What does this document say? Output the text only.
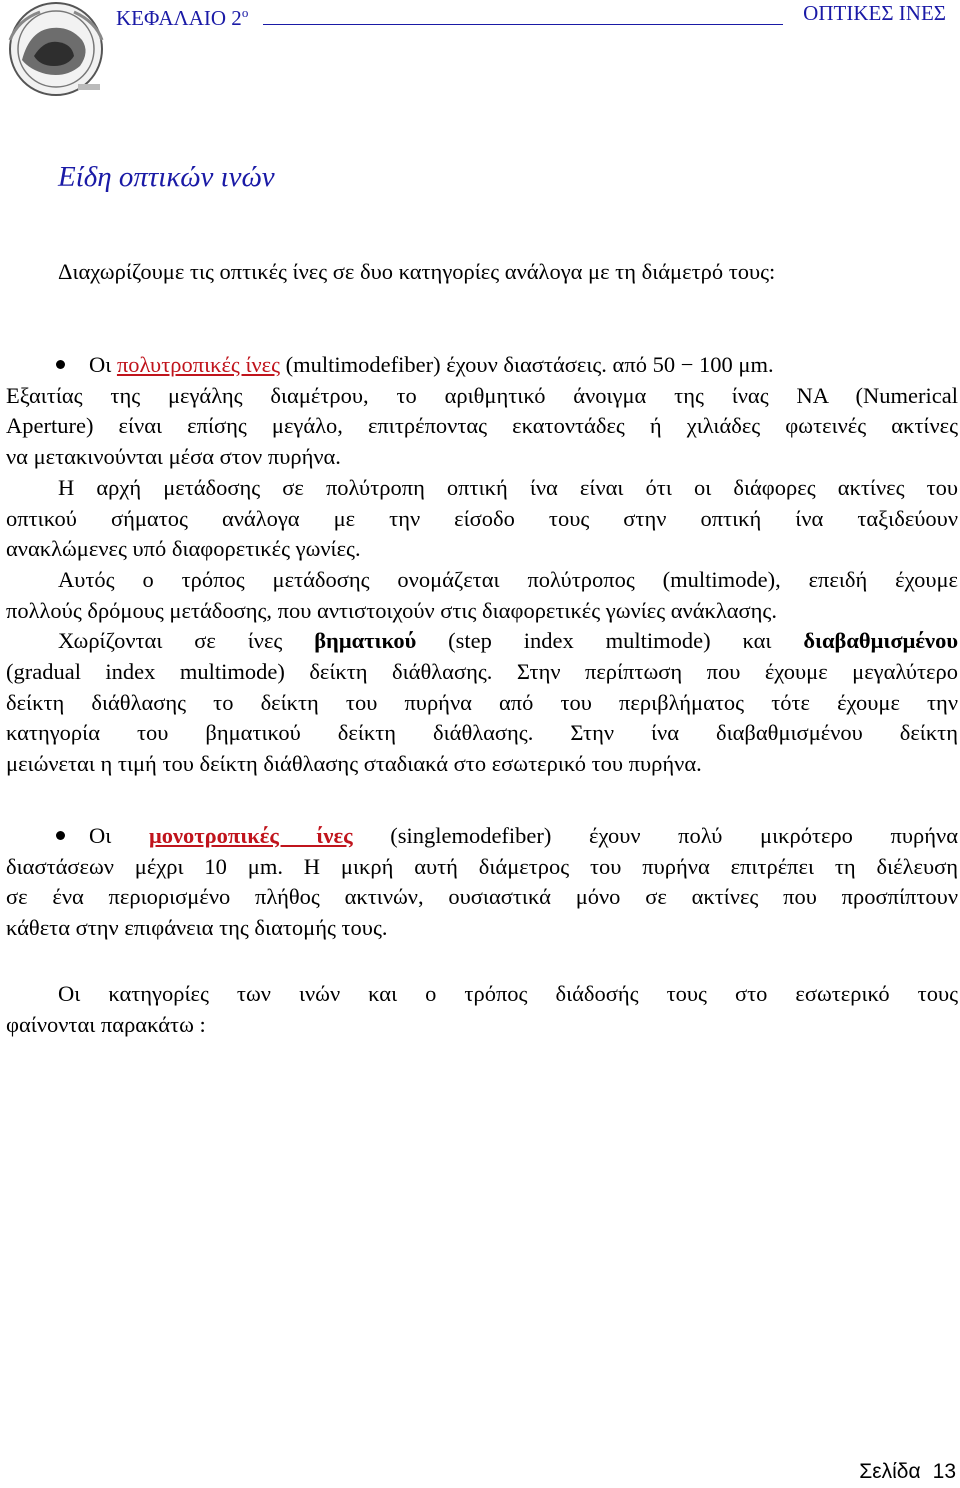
ΚΕΦΑΛΑΙΟ $2^o$	ΟΠΤΙΚΕΣ ΙΝΕΣ
Είδη οπτικών ινών
Διαχωρίζουμε τις οπτικές ίνες σε δυο κατηγορίες ανάλογα με τη διάμετρό τους:
Οι πολυτροπικές ίνες (multimodefiber) έχουν διαστάσεις. από 50 − 100 μm.
Εξαιτίας της μεγάλης διαμέτρου, το αριθμητικό άνοιγμα της ίνας NA (Numerical
Aperture) είναι επίσης μεγάλο, επιτρέποντας εκατοντάδες ή χιλιάδες φωτεινές ακτίνες
να μετακινούνται μέσα στον πυρήνα.
Η αρχή μετάδοσης σε πολύτροπη οπτική ίνα είναι ότι οι διάφορες ακτίνες του
οπτικού σήματος ανάλογα με την είσοδο τους στην οπτική ίνα ταξιδεύουν
ανακλώμενες υπό διαφορετικές γωνίες.
Αυτός ο τρόπος μετάδοσης ονομάζεται πολύτροπος (multimode), επειδή έχουμε
πολλούς δρόμους μετάδοσης, που αντιστοιχούν στις διαφορετικές γωνίες ανάκλασης.
Χωρίζονται σε ίνες βηματικού (step index multimode) και διαβαθμισμένου
(gradual index multimode) δείκτη διάθλασης. Στην περίπτωση που έχουμε μεγαλύτερο
δείκτη διάθλασης το δείκτη του πυρήνα από του περιβλήματος τότε έχουμε την
κατηγορία του βηματικού δείκτη διάθλασης. Στην ίνα διαβαθμισμένου δείκτη
μειώνεται η τιμή του δείκτη διάθλασης σταδιακά στο εσωτερικό του πυρήνα.
Οι μονοτροπικές ίνες (singlemodefiber) έχουν πολύ μικρότερο πυρήνα
διαστάσεων μέχρι 10 μm. Η μικρή αυτή διάμετρος του πυρήνα επιτρέπει τη διέλευση
σε ένα περιορισμένο πλήθος ακτινών, ουσιαστικά μόνο σε ακτίνες που προσπίπτουν
κάθετα στην επιφάνεια της διατομής τους.
Οι κατηγορίες των ινών και ο τρόπος διάδοσής τους στο εσωτερικό τους
φαίνονται παρακάτω :
Σελίδα 13
